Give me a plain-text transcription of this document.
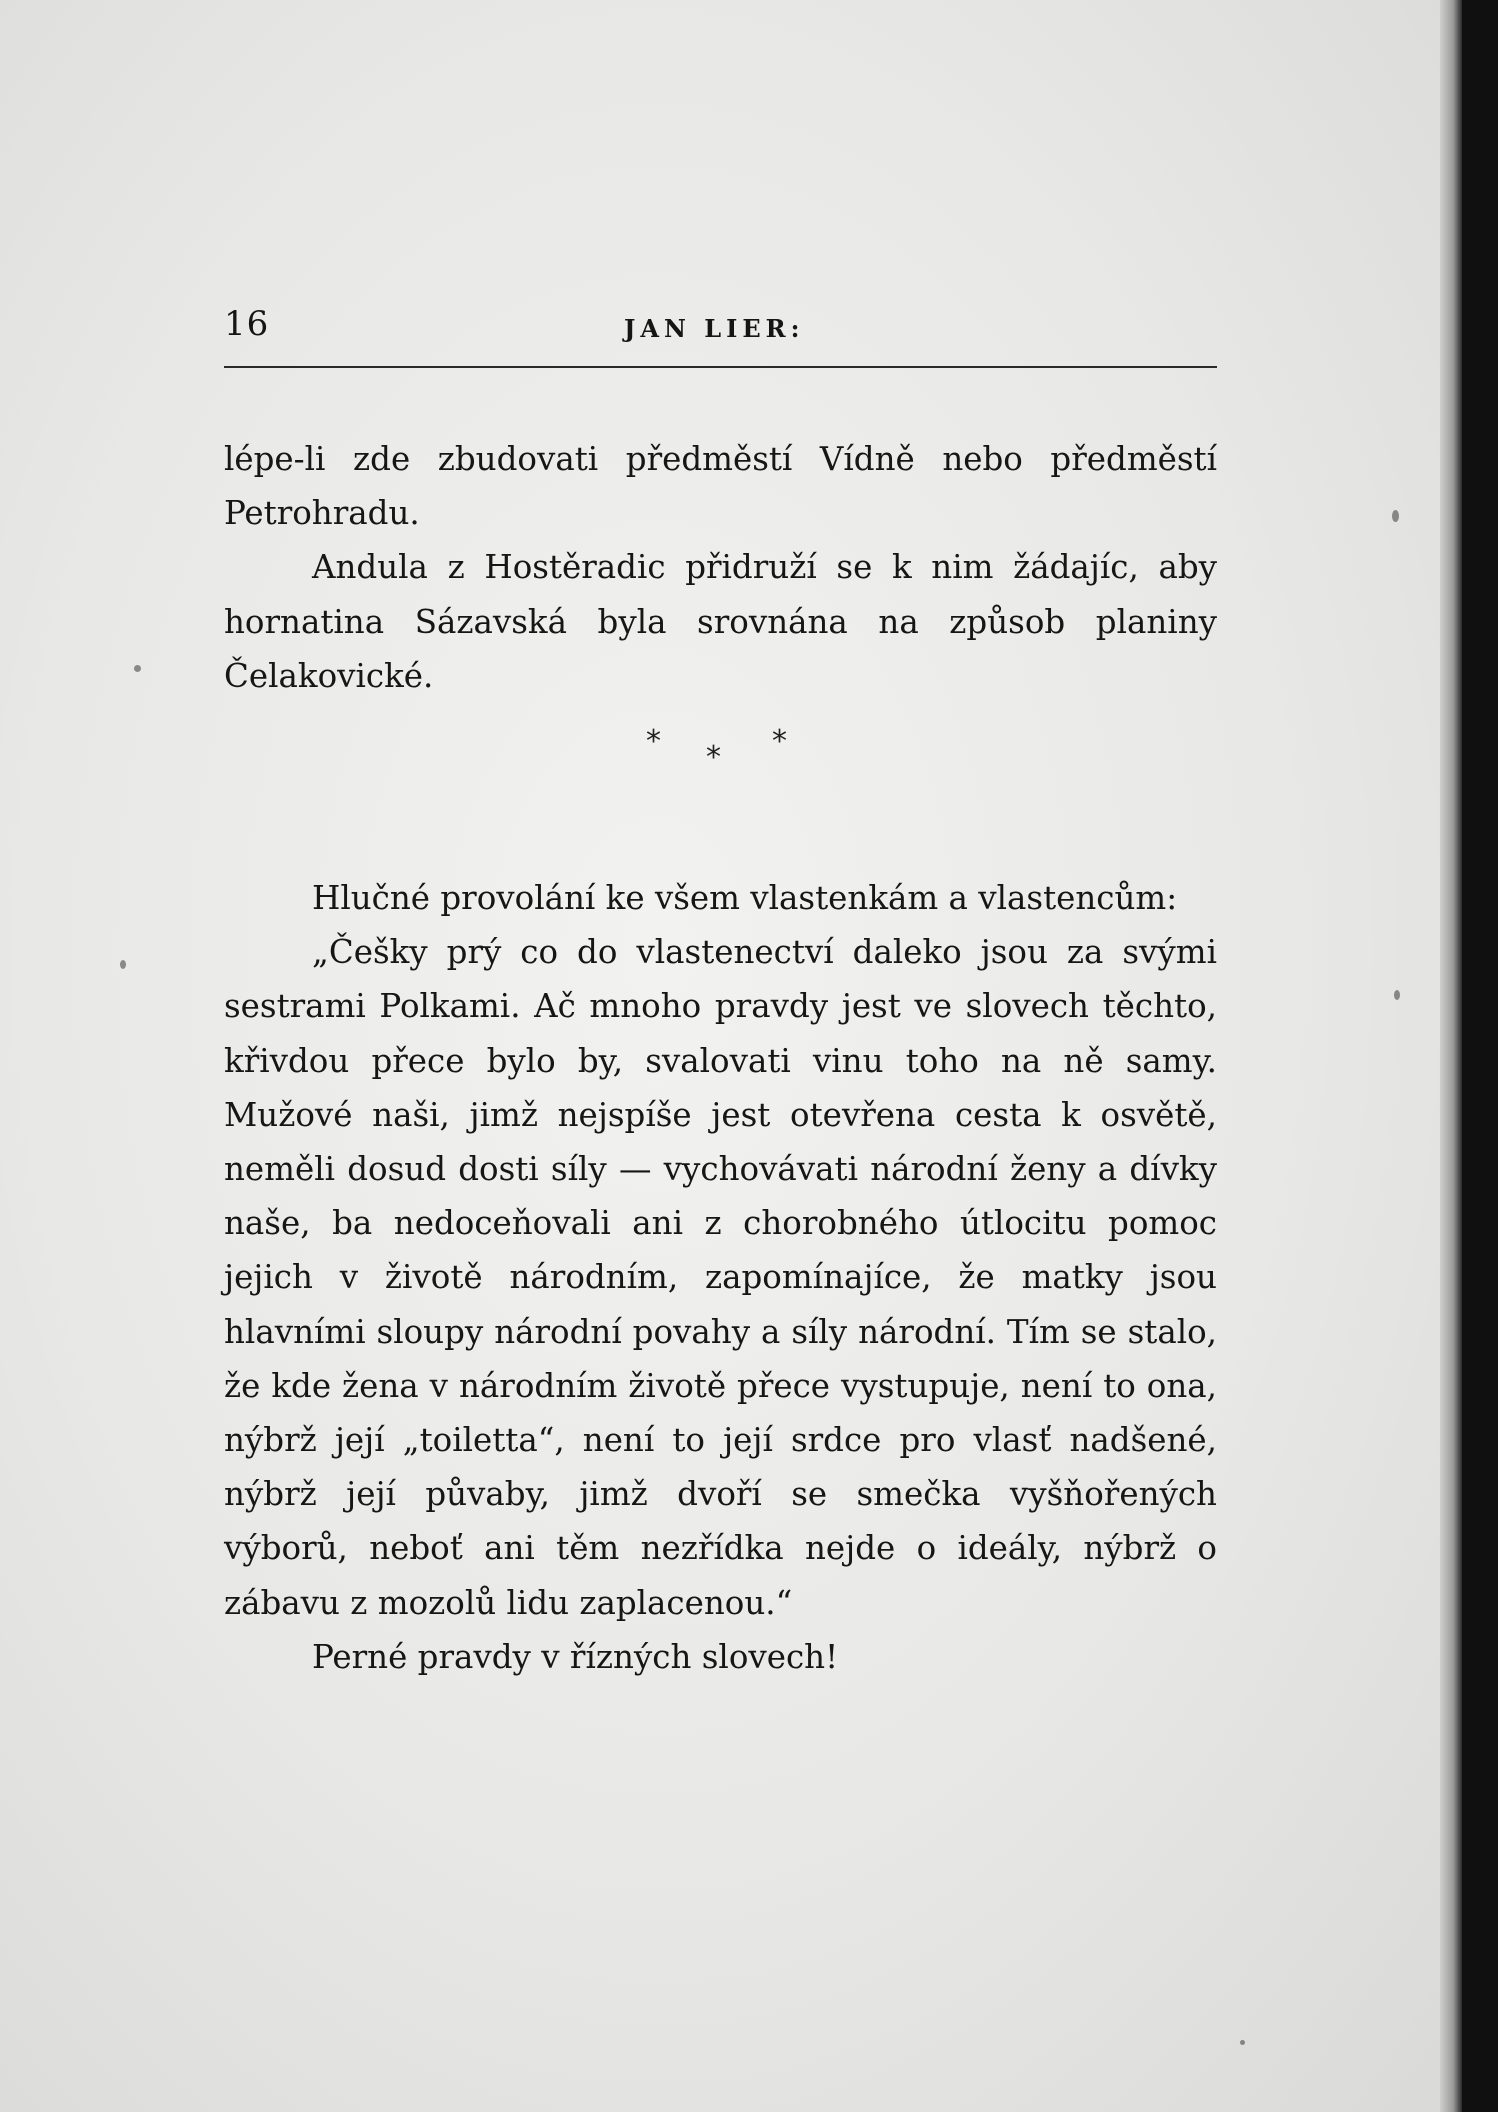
16	JAN LIER:

lépe-li zde zbudovati předměstí Vídně nebo předměstí Petrohradu.

Andula z Hostěradic přidruží se k nim žádajíc, aby hornatina Sázavská byla srovnána na způsob planiny Čelakovické.

* * *

Hlučné provolání ke všem vlastenkám a vlastencům:

„Češky prý co do vlastenectví daleko jsou za svými sestrami Polkami. Ač mnoho pravdy jest ve slovech těchto, křivdou přece bylo by, svalovati vinu toho na ně samy. Mužové naši, jimž nejspíše jest otevřena cesta k osvětě, neměli dosud dosti síly — vychovávati národní ženy a dívky naše, ba nedoceňovali ani z chorobného útlocitu pomoc jejich v životě národním, zapomínajíce, že matky jsou hlavními sloupy národní povahy a síly národní. Tím se stalo, že kde žena v národním životě přece vystupuje, není to ona, nýbrž její „toiletta“, není to její srdce pro vlasť nadšené, nýbrž její půvaby, jimž dvoří se smečka vyšňořených výborů, neboť ani těm nezřídka nejde o ideály, nýbrž o zábavu z mozolů lidu zaplacenou.“

Perné pravdy v řízných slovech!
